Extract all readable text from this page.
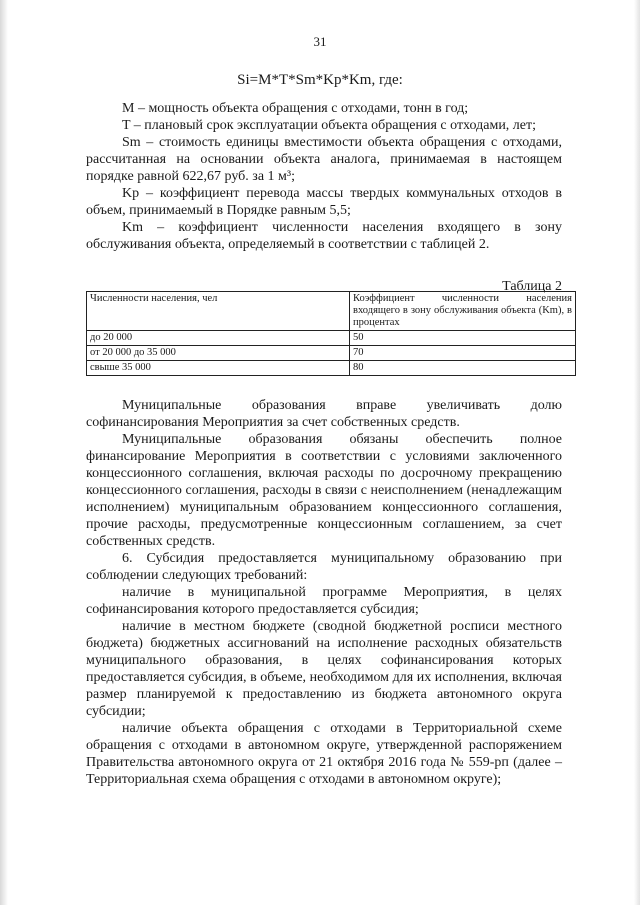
31
Si=M*T*Sm*Kp*Km, где:

M – мощность объекта обращения с отходами, тонн в год;

T – плановый срок эксплуатации объекта обращения с отходами, лет;

Sm – стоимость единицы вместимости объекта обращения с отходами, рассчитанная на основании объекта аналога, принимаемая в настоящем порядке равной 622,67 руб. за 1 м³;

Kp – коэффициент перевода массы твердых коммунальных отходов в объем, принимаемый в Порядке равным 5,5;

Km – коэффициент численности населения входящего в зону обслуживания объекта, определяемый в соответствии с таблицей 2.

Таблица 2
Численности населения, чел	Коэффициент численности населения входящего в зону обслуживания объекта (Km), в процентах
до 20 000	50
от 20 000 до 35 000	70
свыше 35 000	80

Муниципальные образования вправе увеличивать долю софинансирования Мероприятия за счет собственных средств.

Муниципальные образования обязаны обеспечить полное финансирование Мероприятия в соответствии с условиями заключенного концессионного соглашения, включая расходы по досрочному прекращению концессионного соглашения, расходы в связи с неисполнением (ненадлежащим исполнением) муниципальным образованием концессионного соглашения, прочие расходы, предусмотренные концессионным соглашением, за счет собственных средств.

6. Субсидия предоставляется муниципальному образованию при соблюдении следующих требований:

наличие в муниципальной программе Мероприятия, в целях софинансирования которого предоставляется субсидия;

наличие в местном бюджете (сводной бюджетной росписи местного бюджета) бюджетных ассигнований на исполнение расходных обязательств муниципального образования, в целях софинансирования которых предоставляется субсидия, в объеме, необходимом для их исполнения, включая размер планируемой к предоставлению из бюджета автономного округа субсидии;

наличие объекта обращения с отходами в Территориальной схеме обращения с отходами в автономном округе, утвержденной распоряжением Правительства автономного округа от 21 октября 2016 года № 559-рп (далее – Территориальная схема обращения с отходами в автономном округе);
